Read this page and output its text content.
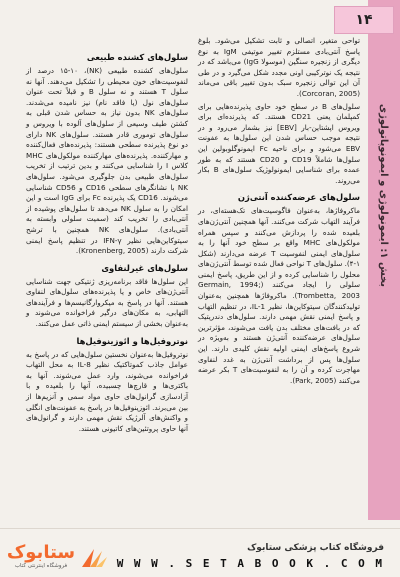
بخش ۱: ایمونولوژی و ایمونوپاتولوژی
۱۴

تواحی متغیر، اتصالی و ثابت تشکیل می‌شود. بلوغ پاسخ آنتی‌بادی مستلزم تغییر موتیفی IgM به نوع دیگری از زنجیره سنگین (موسولا IgG) می‌باشد که در نتیجه یک نوترکیبی اونی مجدد شکل می‌گیرد و در طی آن این توالی زنجیره سبک بدون تغییر باقی می‌ماند (Corcoran, 2005).

سلول‌های B در سطح خود حاوی پذیرنده‌هایی برای کمپلمان یعنی CD21 هستند. که پذیرنده‌ای برای ویروس اپشتاین-بار [EBV] نیز بشمار می‌رود و در نتیجه موجب حساس شدن این سلول‌ها به عفونت EBV می‌شود و برای ناحیه Fc ایمونوگلوبولین این سلول‌ها شاملاً CD19 و CD20 هستند که به طور عمده برای شناسایی ایمونولوژیک سلول‌های B بکار می‌روند.

سلول‌های عرضه‌کننده آنتی‌ژن

ماکروفاژها، به‌عنوان فاگوسیت‌های تک‌هسته‌ای، در فرآیند التهاب شرکت می‌کنند. آنها همچنین آنتی‌ژن‌های بلعیده شده را پردازش می‌کنند و سپس همراه مولکول‌های MHC واقع بر سطح خود آنها را به سلول‌های ایمنی لنفوسیت T عرضه می‌دارند (شکل ۱-۴). سلول‌های T نواحی فعال شده توسط آنتی‌ژن‌های محلول را شناسایی کرده و از این طریق، پاسخ ایمنی سلولی را ایجاد می‌کنند (Germain, 1994; Trombetta, 2003). ماکروفاژها همچنین به‌عنوان تولیدکنندگان سیتوکاین‌ها، نظیر IL-1، در تنظیم التهاب و پاسخ ایمنی نقش مهمی دارند. سلول‌های دندریتیک که در بافت‌های مختلف بدن یافت می‌شوند، مؤثرترین سلول‌های عرضه‌کننده آنتی‌ژن هستند و به‌ویژه در شروع پاسخ‌های ایمنی اولیه نقش کلیدی دارند. این سلول‌ها پس از برداشت آنتی‌ژن به غدد لنفاوی مهاجرت کرده و آن را به لنفوسیت‌های T بکر عرضه می‌کنند (Park, 2005).

سلول‌های کشنده طبیعی

سلول‌های کشنده طبیعی (NK)، ۱۵-۱۰ درصد از لنفوسیت‌های خون محیطی را تشکیل می‌دهند. آنها نه سلول T هستند و نه سلول B و قبلاً تحت عنوان سلول‌های نول (یا فاقد نام) نیز نامیده می‌شدند. سلول‌های NK بدون نیاز به حساس شدن قبلی به کشتن طیف وسیعی از سلول‌های آلوده با ویروس و سلول‌های توموری قادر هستند. سلول‌های NK دارای دو نوع پذیرنده سطحی هستند: پذیرنده‌های فعال‌کننده و مهارکننده. پذیرنده‌های مهارکننده مولکول‌های MHC کلاس I را شناسایی می‌کنند و بدین ترتیب از تخریب سلول‌های طبیعی بدن جلوگیری می‌شود. سلول‌های NK با نشانگرهای سطحی CD16 و CD56 شناسایی می‌شوند. CD16 یک پذیرنده Fc برای IgG است و این امکان را به سلول NK می‌دهد تا سلول‌های پوشیده از آنتی‌بادی را تخریب کند (سمیت سلولی وابسته به آنتی‌بادی). سلول‌های NK همچنین با ترشح سیتوکاین‌هایی نظیر IFN-γ در تنظیم پاسخ ایمنی شرکت دارند (Kronenberg, 2005).

سلول‌های غیرلنفاوی

این سلول‌ها فاقد برنامه‌ریزی ژنتیکی جهت شناسایی آنتی‌ژن‌های خاص و یا پذیرنده‌های سلول‌های لنفاوی هستند. آنها در پاسخ به میکروارگانیسم‌ها و فرآیندهای التهابی، به مکان‌های درگیر فراخوانده می‌شوند و به‌عنوان بخشی از سیستم ایمنی ذاتی عمل می‌کنند.

نوتروفیل‌ها و ائوزینوفیل‌ها

نوتروفیل‌ها به‌عنوان نخستین سلول‌هایی که در پاسخ به عوامل جاذب کموتاکتیک نظیر IL-8 به محل التهاب فراخوانده می‌شوند، وارد عمل می‌شوند. آنها به باکتری‌ها و قارچ‌ها چسبیده، آنها را بلعیده و با آزادسازی گرانول‌های حاوی مواد سمی و آنزیم‌ها از بین می‌برند. ائوزینوفیل‌ها در پاسخ به عفونت‌های انگلی و واکنش‌های آلرژیک نقش مهمی دارند و گرانول‌های آنها حاوی پروتئین‌های کاتیونی هستند.

ستابوک
فروشگاه اینترنتی کتاب
فروشگاه کتاب پزشکی ستابوک
W W W . S E T A B O O K . C O M
